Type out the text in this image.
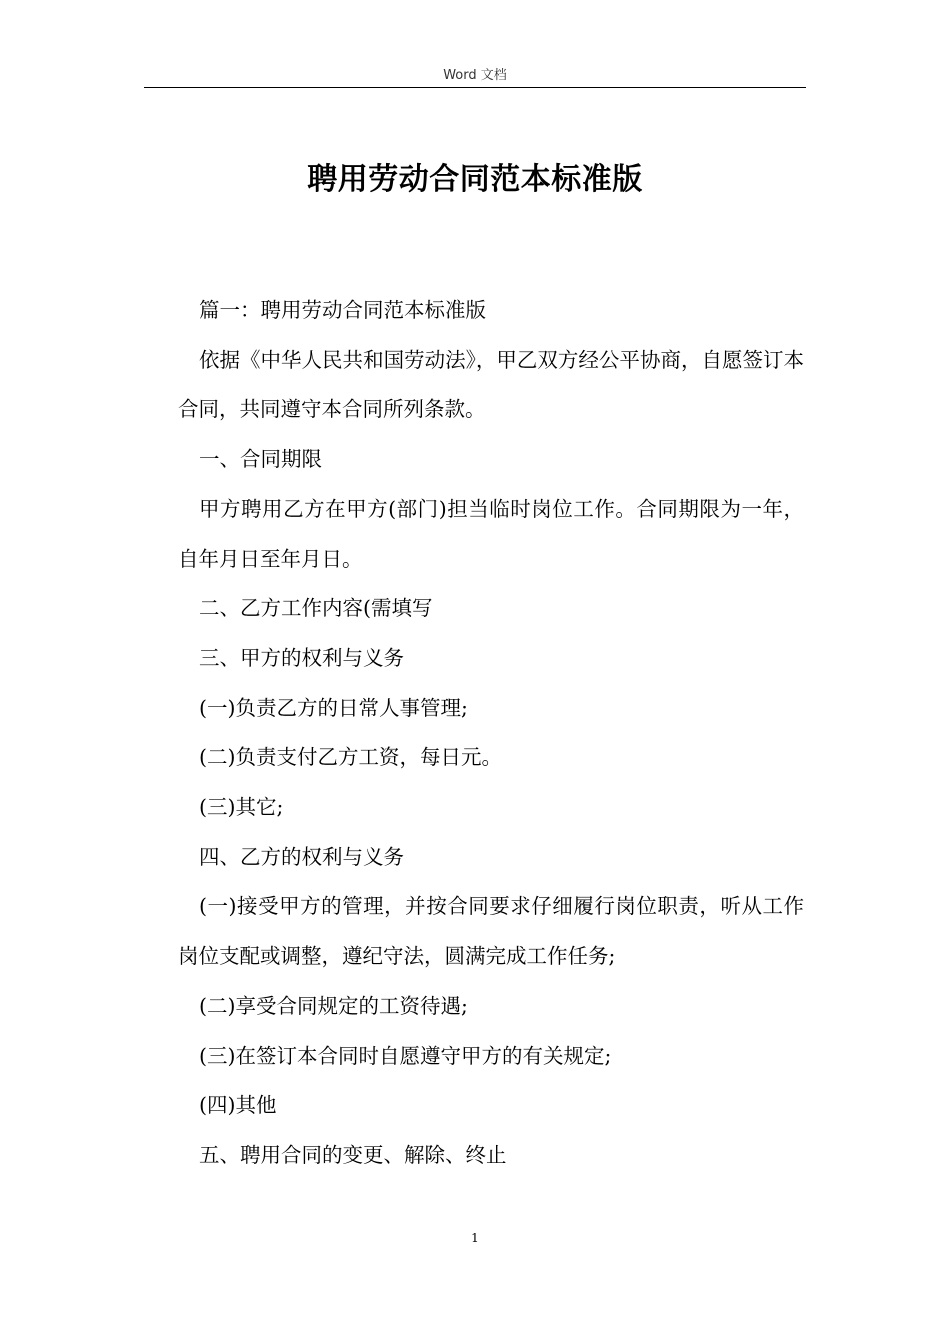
Word 文档
聘用劳动合同范本标准版

篇一：聘用劳动合同范本标准版

依据《中华人民共和国劳动法》，甲乙双方经公平协商，自愿签订本合同，共同遵守本合同所列条款。

一、合同期限

甲方聘用乙方在甲方(部门)担当临时岗位工作。合同期限为一年，自年月日至年月日。

二、乙方工作内容(需填写

三、甲方的权利与义务

(一)负责乙方的日常人事管理;

(二)负责支付乙方工资，每日元。

(三)其它;

四、乙方的权利与义务

(一)接受甲方的管理，并按合同要求仔细履行岗位职责，听从工作岗位支配或调整，遵纪守法，圆满完成工作任务;

(二)享受合同规定的工资待遇;

(三)在签订本合同时自愿遵守甲方的有关规定;

(四)其他

五、聘用合同的变更、解除、终止

1
